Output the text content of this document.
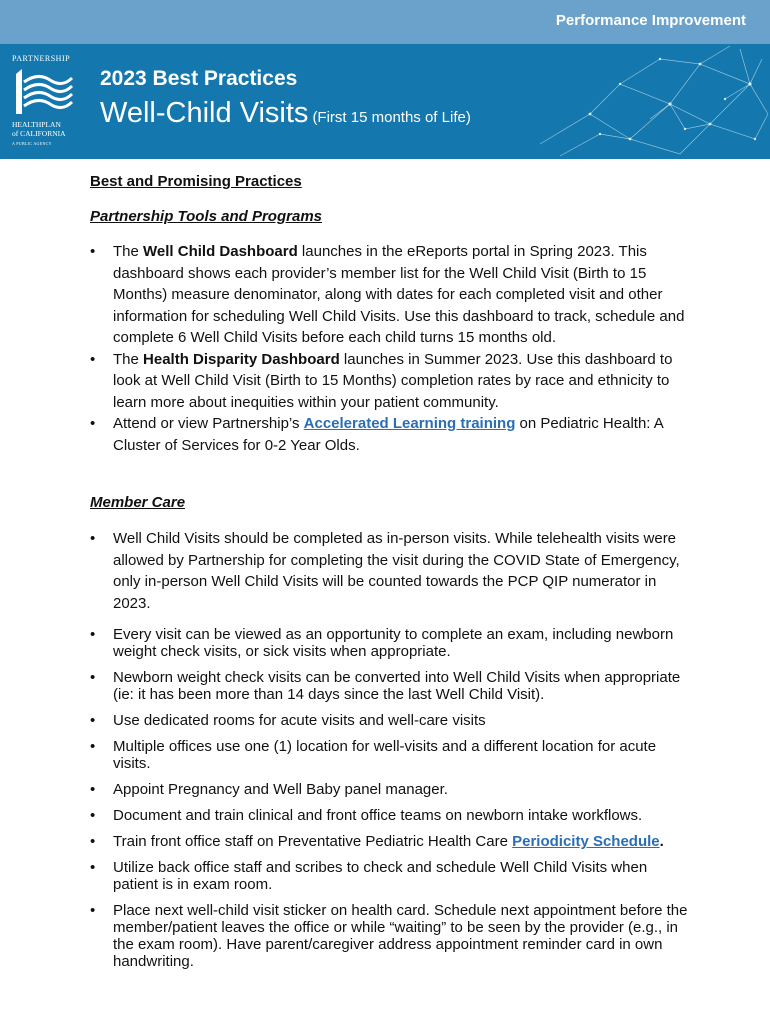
Performance Improvement
PARTNERSHIP
HEALTHPLAN
of CALIFORNIA
A PUBLIC AGENCY
2023 Best Practices
Well-Child Visits (First 15 months of Life)

Best and Promising Practices

Partnership Tools and Programs

• The Well Child Dashboard launches in the eReports portal in Spring 2023. This dashboard shows each provider’s member list for the Well Child Visit (Birth to 15 Months) measure denominator, along with dates for each completed visit and other information for scheduling Well Child Visits. Use this dashboard to track, schedule and complete 6 Well Child Visits before each child turns 15 months old.
• The Health Disparity Dashboard launches in Summer 2023. Use this dashboard to look at Well Child Visit (Birth to 15 Months) completion rates by race and ethnicity to learn more about inequities within your patient community.
• Attend or view Partnership’s Accelerated Learning training on Pediatric Health: A Cluster of Services for 0-2 Year Olds.

Member Care

• Well Child Visits should be completed as in-person visits. While telehealth visits were allowed by Partnership for completing the visit during the COVID State of Emergency, only in-person Well Child Visits will be counted towards the PCP QIP numerator in 2023.
• Every visit can be viewed as an opportunity to complete an exam, including newborn weight check visits, or sick visits when appropriate.
• Newborn weight check visits can be converted into Well Child Visits when appropriate (ie: it has been more than 14 days since the last Well Child Visit).
• Use dedicated rooms for acute visits and well-care visits
• Multiple offices use one (1) location for well-visits and a different location for acute visits.
• Appoint Pregnancy and Well Baby panel manager.
• Document and train clinical and front office teams on newborn intake workflows.
• Train front office staff on Preventative Pediatric Health Care Periodicity Schedule.
• Utilize back office staff and scribes to check and schedule Well Child Visits when patient is in exam room.
• Place next well-child visit sticker on health card. Schedule next appointment before the member/patient leaves the office or while “waiting” to be seen by the provider (e.g., in the exam room). Have parent/caregiver address appointment reminder card in own handwriting.
